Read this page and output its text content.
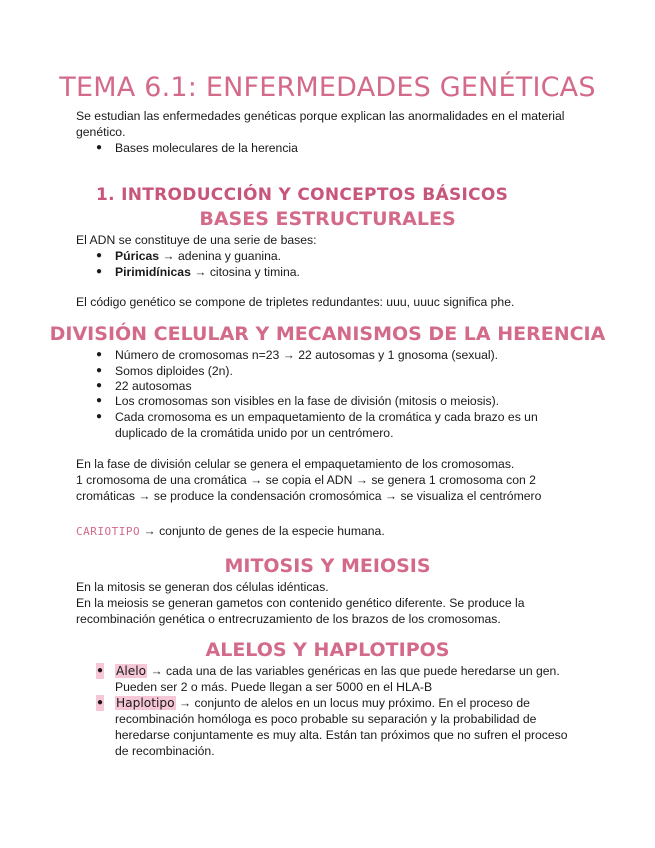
TEMA 6.1: ENFERMEDADES GENÉTICAS

Se estudian las enfermedades genéticas porque explican las anormalidades en el material genético.

●	Bases moleculares de la herencia
1. INTRODUCCIÓN Y CONCEPTOS BÁSICOS
BASES ESTRUCTURALES

El ADN se constituye de una serie de bases:

●	Púricas → adenina y guanina.
●	Pirimidínicas → citosina y timina.

El código genético se compone de tripletes redundantes: uuu, uuuc significa phe.

DIVISIÓN CELULAR Y MECANISMOS DE LA HERENCIA
●	Número de cromosomas n=23 → 22 autosomas y 1 gnosoma (sexual).
●	Somos diploides (2n).
●	22 autosomas
●	Los cromosomas son visibles en la fase de división (mitosis o meiosis).
●	Cada cromosoma es un empaquetamiento de la cromática y cada brazo es un duplicado de la cromátida unido por un centrómero.

En la fase de división celular se genera el empaquetamiento de los cromosomas.

1 cromosoma de una cromática → se copia el ADN → se genera 1 cromosoma con 2 cromáticas → se produce la condensación cromosómica → se visualiza el centrómero

CARIOTIPO → conjunto de genes de la especie humana.

MITOSIS Y MEIOSIS

En la mitosis se generan dos células idénticas.

En la meiosis se generan gametos con contenido genético diferente. Se produce la recombinación genética o entrecruzamiento de los brazos de los cromosomas.

ALELOS Y HAPLOTIPOS
●	Alelo → cada una de las variables genéricas en las que puede heredarse un gen. Pueden ser 2 o más. Puede llegan a ser 5000 en el HLA-B
●	Haplotipo → conjunto de alelos en un locus muy próximo. En el proceso de recombinación homóloga es poco probable su separación y la probabilidad de heredarse conjuntamente es muy alta. Están tan próximos que no sufren el proceso de recombinación.
